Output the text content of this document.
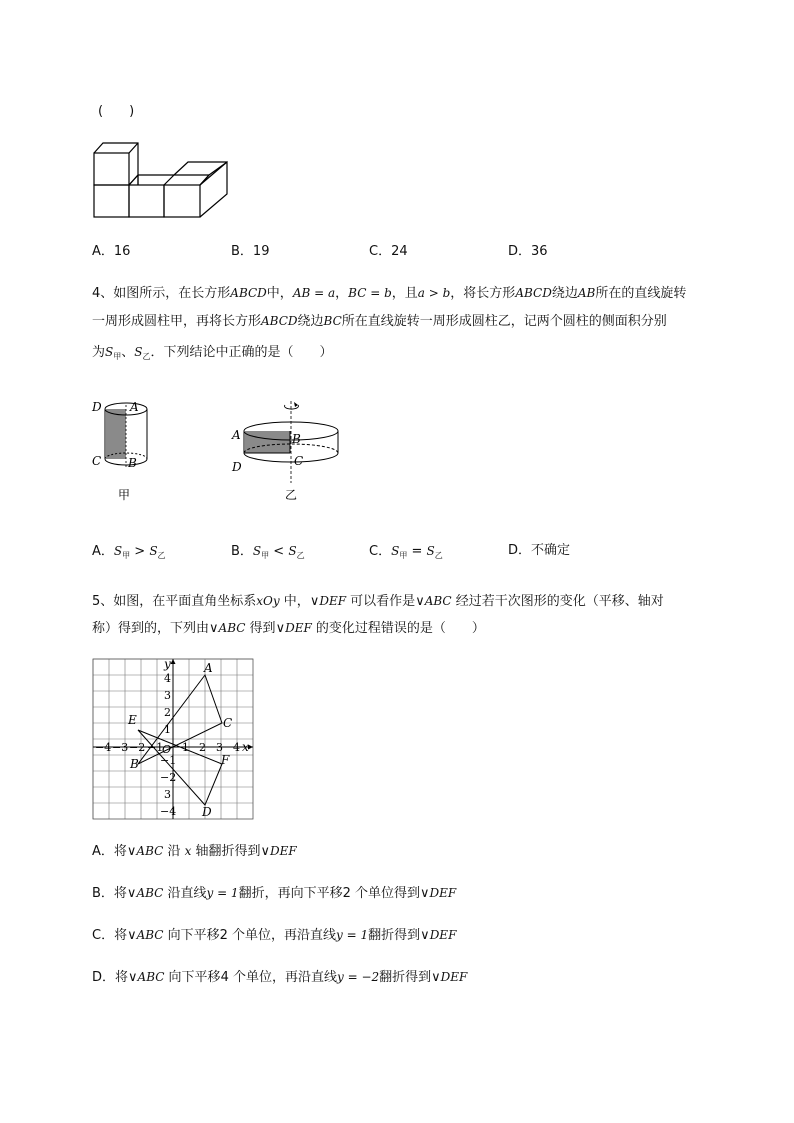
(　　)
A．16	B．19	C．24	D．36
4、如图所示，在长方形ABCD中，AB = a，BC = b，且a > b，将长方形ABCD绕边AB所在的直线旋转
一周形成圆柱甲，再将长方形ABCD绕边BC所在直线旋转一周形成圆柱乙，记两个圆柱的侧面积分别
为$S_甲$、$S_乙$．下列结论中正确的是（　　）
D A
C B
甲
A	B
D	C
乙
A．$S_甲 > S_乙$	B．$S_甲 < S_乙$	C．$S_甲 = S_乙$	D．不确定
5、如图，在平面直角坐标系xOy 中，∨DEF 可以看作是∨ABC 经过若干次图形的变化（平移、轴对
称）得到的，下列由∨ABC 得到∨DEF 的变化过程错误的是（　　）
A
B
C
D
E
F
x
y
−4 −3 −2 −1
O 1 2 3 4
4
3
2
1
−1
−2
3
−4
A．将∨ABC 沿 x 轴翻折得到∨DEF
B．将∨ABC 沿直线y = 1翻折，再向下平移2 个单位得到∨DEF
C．将∨ABC 向下平移2 个单位，再沿直线y = 1翻折得到∨DEF
D．将∨ABC 向下平移4 个单位，再沿直线y = −2翻折得到∨DEF
